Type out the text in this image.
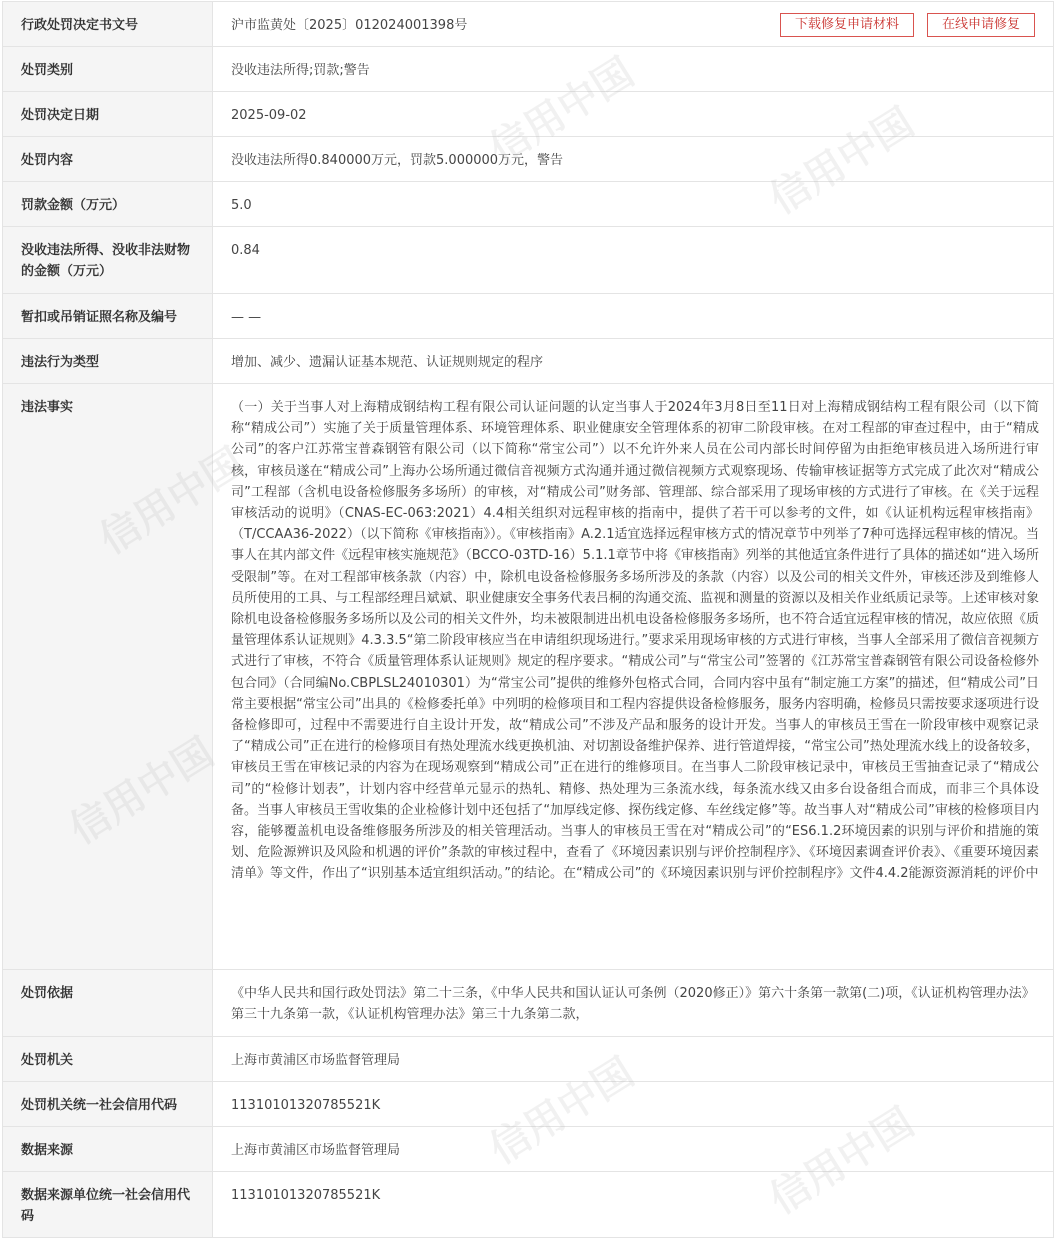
行政处罚决定书文号	沪市监黄处〔2025〕012024001398号 下载修复申请材料 在线申请修复

处罚类别	没收违法所得;罚款;警告
处罚决定日期	2025-09-02
处罚内容	没收违法所得0.840000万元，罚款5.000000万元，警告
罚款金额（万元）	5.0
没收违法所得、没收非法财物的金额（万元）	0.84
暂扣或吊销证照名称及编号	— —
违法行为类型	增加、减少、遗漏认证基本规范、认证规则规定的程序
违法事实	（一）关于当事人对上海精成钢结构工程有限公司认证问题的认定当事人于2024年3月8日至11日对上海精成钢结构工程有限公司（以下简称“精成公司”）实施了关于质量管理体系、环境管理体系、职业健康安全管理体系的初审二阶段审核。在对工程部的审查过程中，由于“精成公司”的客户江苏常宝普森钢管有限公司（以下简称“常宝公司”）以不允许外来人员在公司内部长时间停留为由拒绝审核员进入场所进行审核，审核员遂在“精成公司”上海办公场所通过微信音视频方式沟通并通过微信视频方式观察现场、传输审核证据等方式完成了此次对“精成公司”工程部（含机电设备检修服务多场所）的审核，对“精成公司”财务部、管理部、综合部采用了现场审核的方式进行了审核。在《关于远程审核活动的说明》（CNAS-EC-063:2021）4.4相关组织对远程审核的指南中，提供了若干可以参考的文件，如《认证机构远程审核指南》（T/CCAA36-2022）（以下简称《审核指南》）。《审核指南》A.2.1适宜选择远程审核方式的情况章节中列举了7种可选择远程审核的情况。当事人在其内部文件《远程审核实施规范》（BCCO-03TD-16）5.1.1章节中将《审核指南》列举的其他适宜条件进行了具体的描述如“进入场所受限制”等。在对工程部审核条款（内容）中，除机电设备检修服务多场所涉及的条款（内容）以及公司的相关文件外，审核还涉及到维修人员所使用的工具、与工程部经理吕斌斌、职业健康安全事务代表吕桐的沟通交流、监视和测量的资源以及相关作业纸质记录等。上述审核对象除机电设备检修服务多场所以及公司的相关文件外，均未被限制进出机电设备检修服务多场所，也不符合适宜远程审核的情况，故应依照《质量管理体系认证规则》4.3.3.5“第二阶段审核应当在申请组织现场进行。”要求采用现场审核的方式进行审核，当事人全部采用了微信音视频方式进行了审核，不符合《质量管理体系认证规则》规定的程序要求。“精成公司”与“常宝公司”签署的《江苏常宝普森钢管有限公司设备检修外包合同》（合同编No.CBPLSL24010301）为“常宝公司”提供的维修外包格式合同，合同内容中虽有“制定施工方案”的描述，但“精成公司”日常主要根据“常宝公司”出具的《检修委托单》中列明的检修项目和工程内容提供设备检修服务，服务内容明确，检修员只需按要求逐项进行设备检修即可，过程中不需要进行自主设计开发，故“精成公司”不涉及产品和服务的设计开发。当事人的审核员王雪在一阶段审核中观察记录了“精成公司”正在进行的检修项目有热处理流水线更换机油、对切割设备维护保养、进行管道焊接，“常宝公司”热处理流水线上的设备较多，审核员王雪在审核记录的内容为在现场观察到“精成公司”正在进行的维修项目。在当事人二阶段审核记录中，审核员王雪抽查记录了“精成公司”的“检修计划表”，计划内容中经营单元显示的热轧、精修、热处理为三条流水线，每条流水线又由多台设备组合而成，而非三个具体设备。当事人审核员王雪收集的企业检修计划中还包括了“加厚线定修、探伤线定修、车丝线定修”等。故当事人对“精成公司”审核的检修项目内容，能够覆盖机电设备维修服务所涉及的相关管理活动。当事人的审核员王雪在对“精成公司”的“ES6.1.2环境因素的识别与评价和措施的策划、危险源辨识及风险和机遇的评价”条款的审核过程中，查看了《环境因素识别与评价控制程序》、《环境因素调查评价表》、《重要环境因素清单》等文件，作出了“识别基本适宜组织活动。”的结论。在“精成公司”的《环境因素识别与评价控制程序》文件4.4.2能源资源消耗的评价中
处罚依据	《中华人民共和国行政处罚法》第二十三条，《中华人民共和国认证认可条例（2020修正）》第六十条第一款第(二)项，《认证机构管理办法》第三十九条第一款，《认证机构管理办法》第三十九条第二款，
处罚机关	上海市黄浦区市场监督管理局
处罚机关统一社会信用代码	11310101320785521K
数据来源	上海市黄浦区市场监督管理局
数据来源单位统一社会信用代码	11310101320785521K
信用中国	信用中国
信用中国	信用中国
